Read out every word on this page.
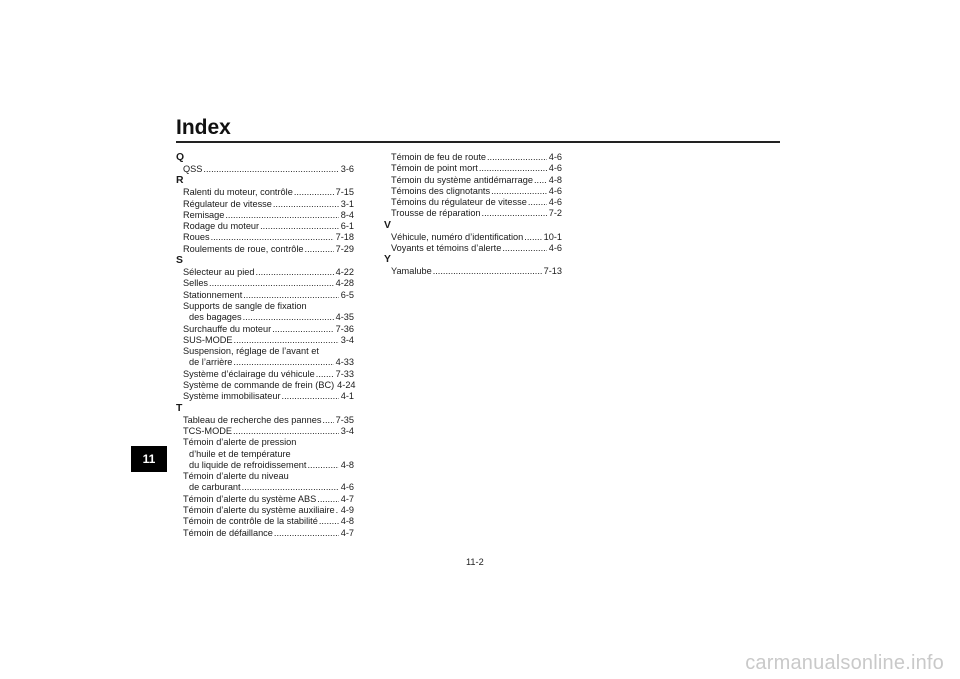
Index
11
Q
QSS .....	3-6
R
Ralenti du moteur, contrôle .....	7-15
Régulateur de vitesse .....	3-1
Remisage .....	8-4
Rodage du moteur .....	6-1
Roues .....	7-18
Roulements de roue, contrôle .....	7-29
S
Sélecteur au pied .....	4-22
Selles .....	4-28
Stationnement .....	6-5
Supports de sangle de fixation
des bagages .....	4-35
Surchauffe du moteur .....	7-36
SUS-MODE .....	3-4
Suspension, réglage de l’avant et
de l’arrière .....	4-33
Système d’éclairage du véhicule ..... 7-33
Système de commande de frein (BC) 4-24
Système immobilisateur .....	4-1
T
Tableau de recherche des pannes ..... 7-35
TCS-MODE .....	3-4
Témoin d’alerte de pression
d’huile et de température
du liquide de refroidissement .....	4-8
Témoin d’alerte du niveau
de carburant .....	4-6
Témoin d’alerte du système ABS .....	4-7
Témoin d’alerte du système auxiliaire ..... 4-9
Témoin de contrôle de la stabilité ..... 4-8
Témoin de défaillance .....	4-7
Témoin de feu de route .....	4-6
Témoin de point mort .....	4-6
Témoin du système antidémarrage ..... 4-8
Témoins des clignotants .....	4-6
Témoins du régulateur de vitesse ..... 4-6
Trousse de réparation .....	7-2
V
Véhicule, numéro d’identification ..... 10-1
Voyants et témoins d’alerte .....	4-6
Y
Yamalube .....	7-13
11-2
carmanualsonline.info
